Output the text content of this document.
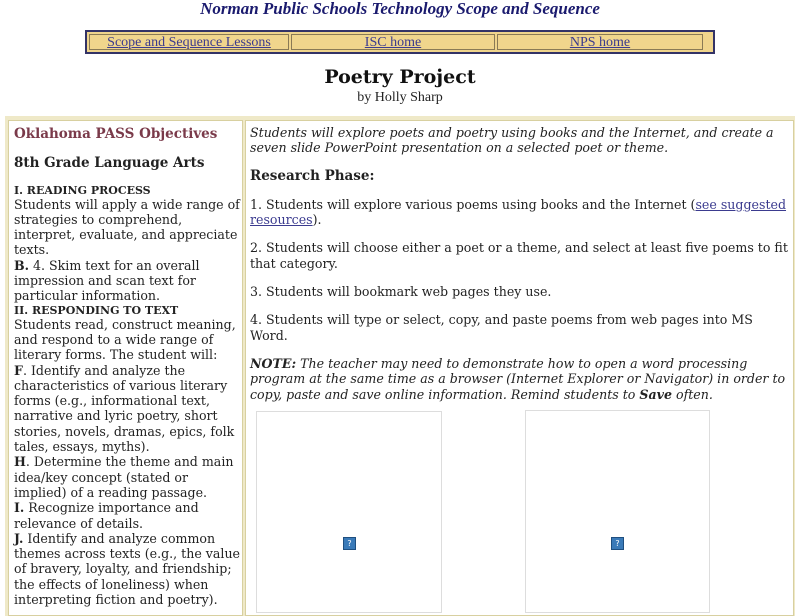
Norman Public Schools Technology Scope and Sequence
Scope and Sequence Lessons	ISC home	NPS home
Poetry Project
by Holly Sharp
Oklahoma PASS Objectives
8th Grade Language Arts
I. READING PROCESS
Students will apply a wide range of strategies to comprehend, interpret, evaluate, and appreciate texts.
B. 4. Skim text for an overall impression and scan text for particular information.
II. RESPONDING TO TEXT
Students read, construct meaning, and respond to a wide range of literary forms. The student will:
F. Identify and analyze the characteristics of various literary forms (e.g., informational text, narrative and lyric poetry, short stories, novels, dramas, epics, folk tales, essays, myths).
H. Determine the theme and main idea/key concept (stated or implied) of a reading passage.
I. Recognize importance and relevance of details.
J. Identify and analyze common themes across texts (e.g., the value of bravery, loyalty, and friendship; the effects of loneliness) when interpreting fiction and poetry).

Students will explore poets and poetry using books and the Internet, and create a seven slide PowerPoint presentation on a selected poet or theme.

Research Phase:

1. Students will explore various poems using books and the Internet (see suggested resources).

2. Students will choose either a poet or a theme, and select at least five poems to fit that category.

3. Students will bookmark web pages they use.

4. Students will type or select, copy, and paste poems from web pages into MS Word.

NOTE: The teacher may need to demonstrate how to open a word processing program at the same time as a browser (Internet Explorer or Navigator) in order to copy, paste and save online information. Remind students to Save often.

?	?
